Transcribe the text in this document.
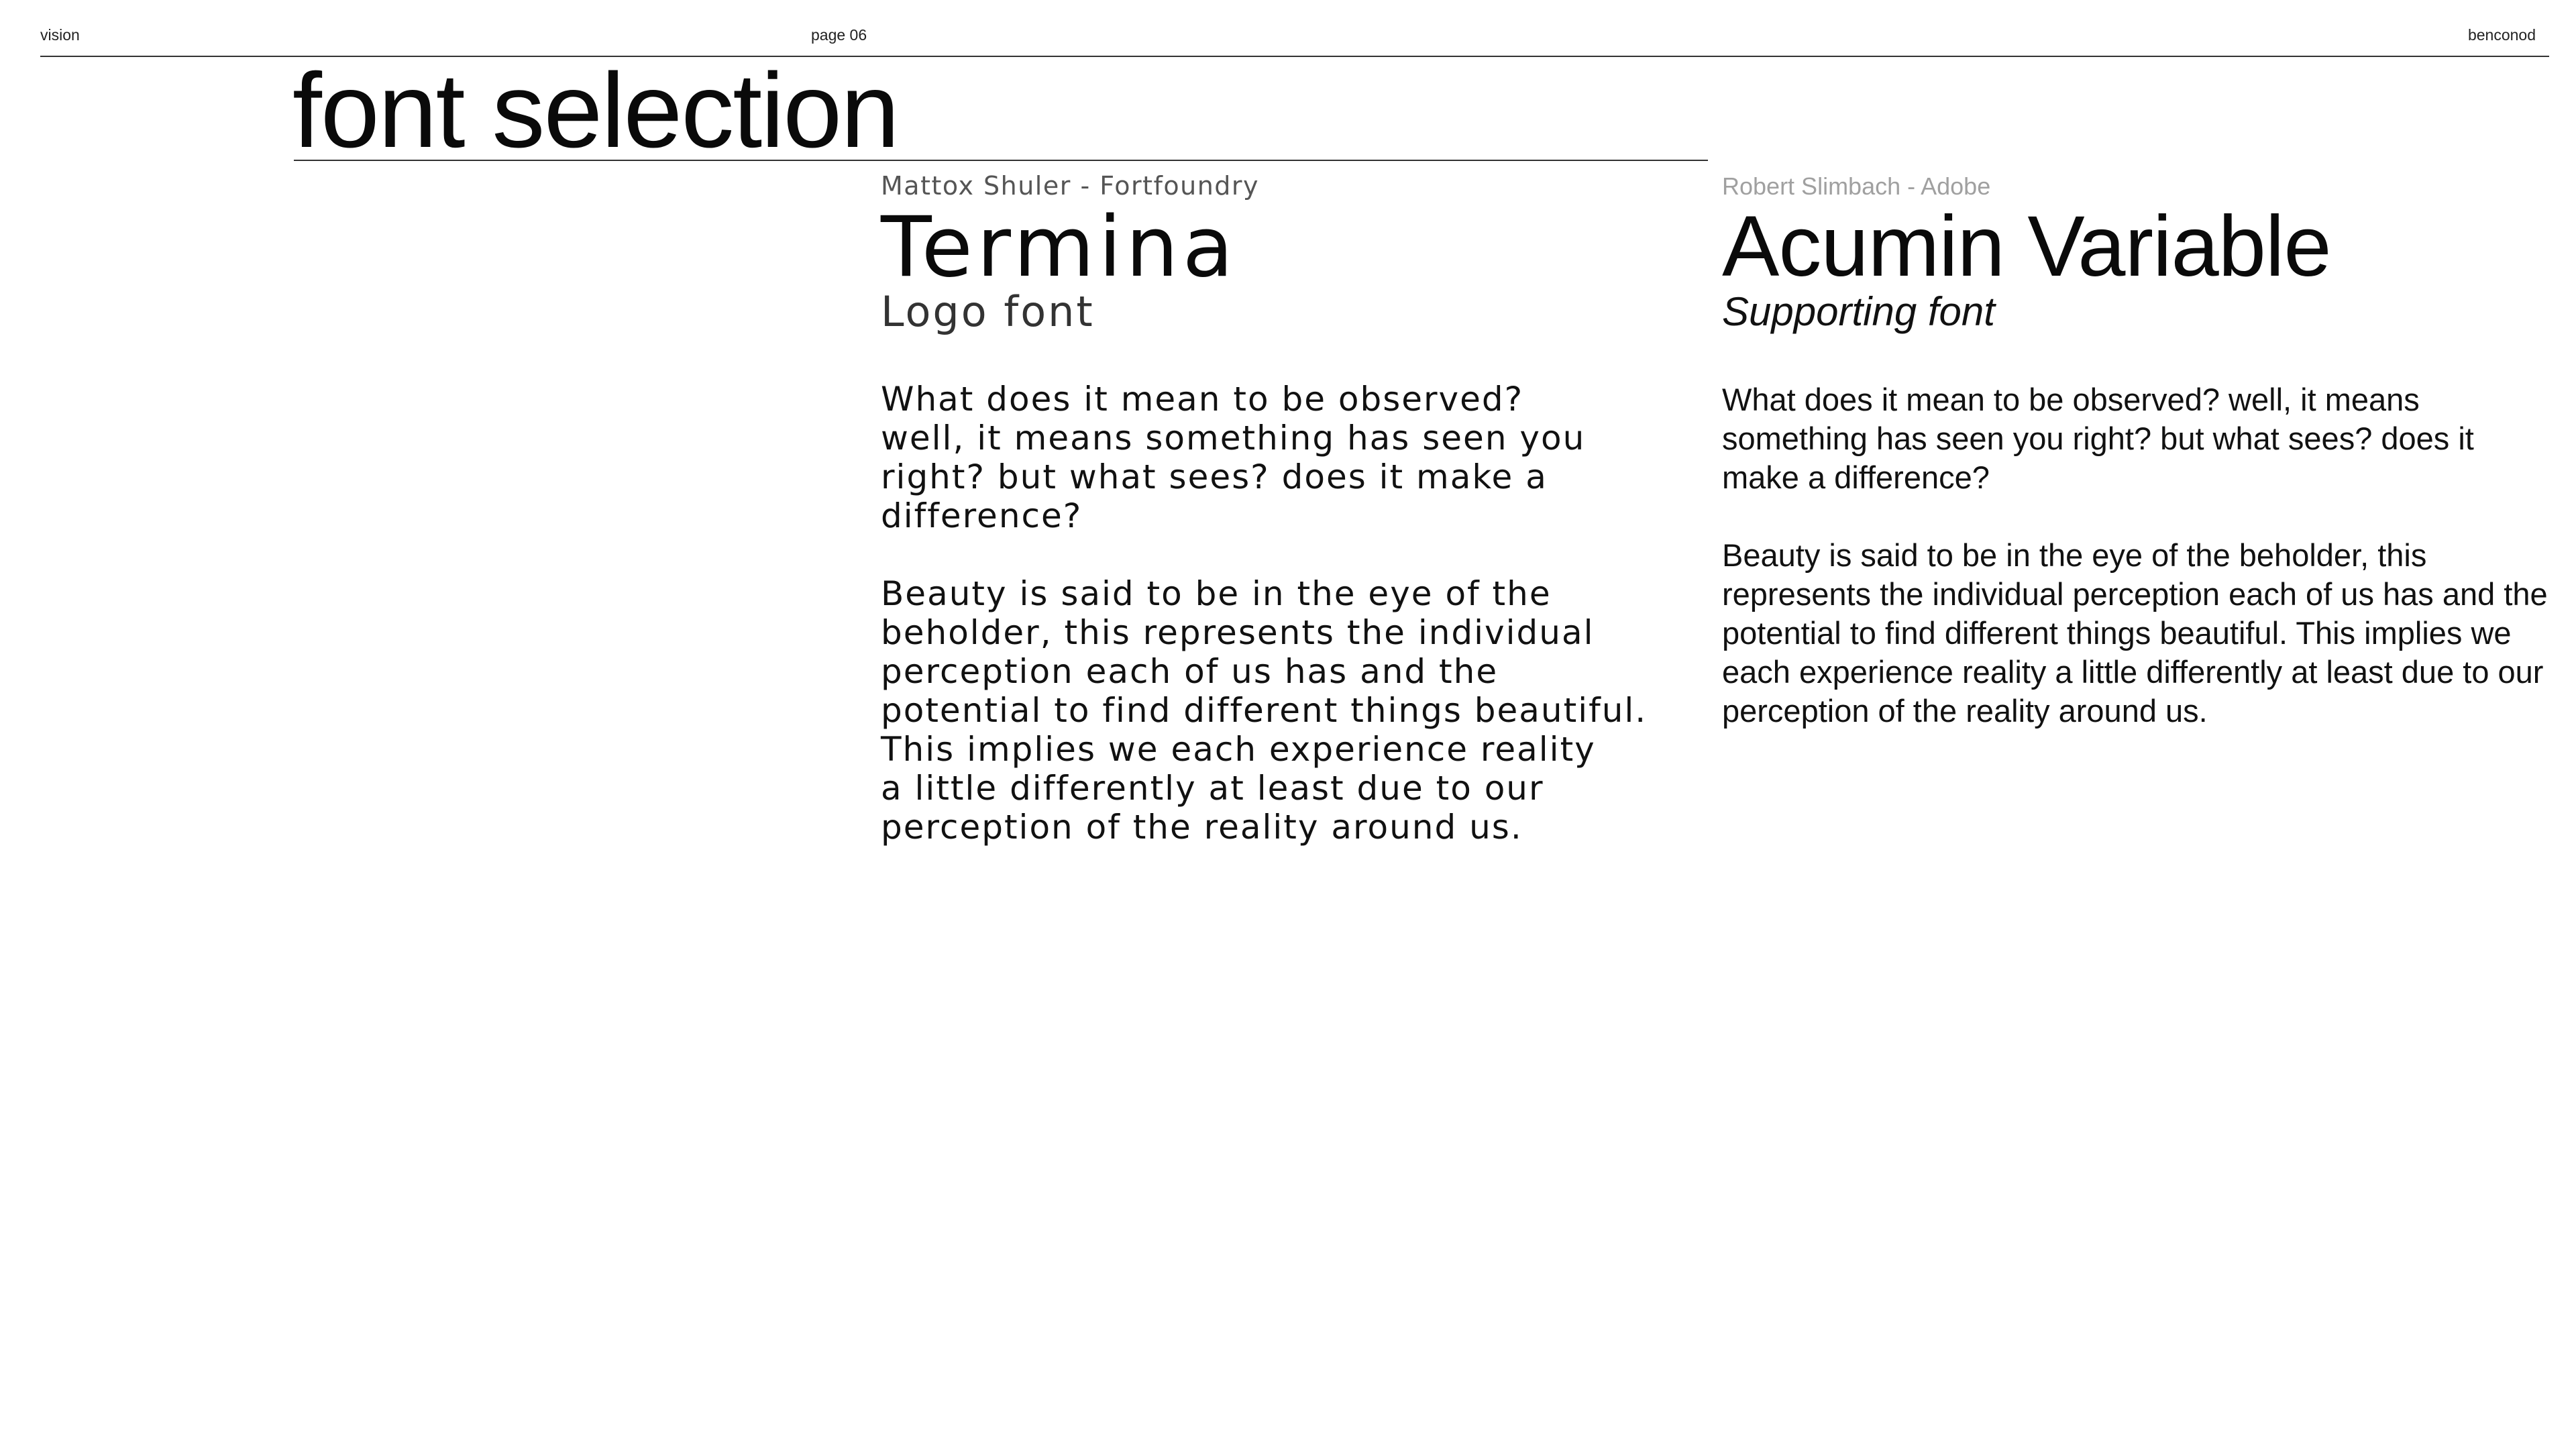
vision	page 06	benconod
font selection
Mattox Shuler - Fortfoundry
Termina
Logo font

What does it mean to be observed?
well, it means something has seen you
right? but what sees? does it make a
difference?

Beauty is said to be in the eye of the
beholder, this represents the individual
perception each of us has and the
potential to find different things beautiful.
This implies we each experience reality
a little differently at least due to our
perception of the reality around us.

Robert Slimbach - Adobe
Acumin Variable
Supporting font

What does it mean to be observed? well, it means
something has seen you right? but what sees? does it
make a difference?

Beauty is said to be in the eye of the beholder, this
represents the individual perception each of us has and the
potential to find different things beautiful. This implies we
each experience reality a little differently at least due to our
perception of the reality around us.
